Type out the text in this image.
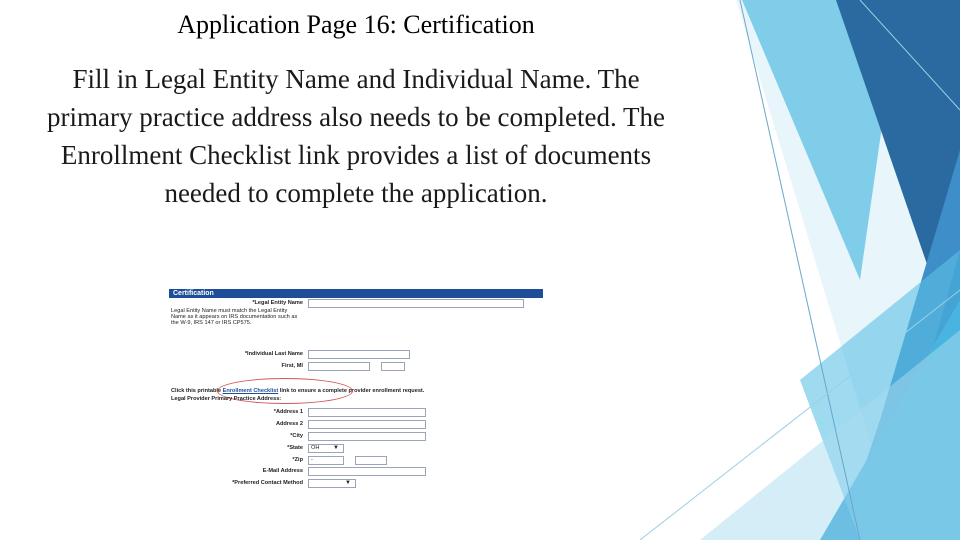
Application Page 16: Certification
Fill in Legal Entity Name and Individual Name. The primary practice address also needs to be completed. The Enrollment Checklist link provides a list of documents needed to complete the application.
Certification
*Legal Entity Name
Legal Entity Name must match the Legal Entity Name as it appears on IRS documentation such as the W-9, IRS 147 or IRS CP575.
*Individual Last Name
First, MI
Click this printable Enrollment Checklist link to ensure a complete provider enrollment request.
Legal Provider Primary Practice Address:
*Address 1
Address 2
*City
*State	OH	▼
*Zip	-
E-Mail Address
*Preferred Contact Method	▼
